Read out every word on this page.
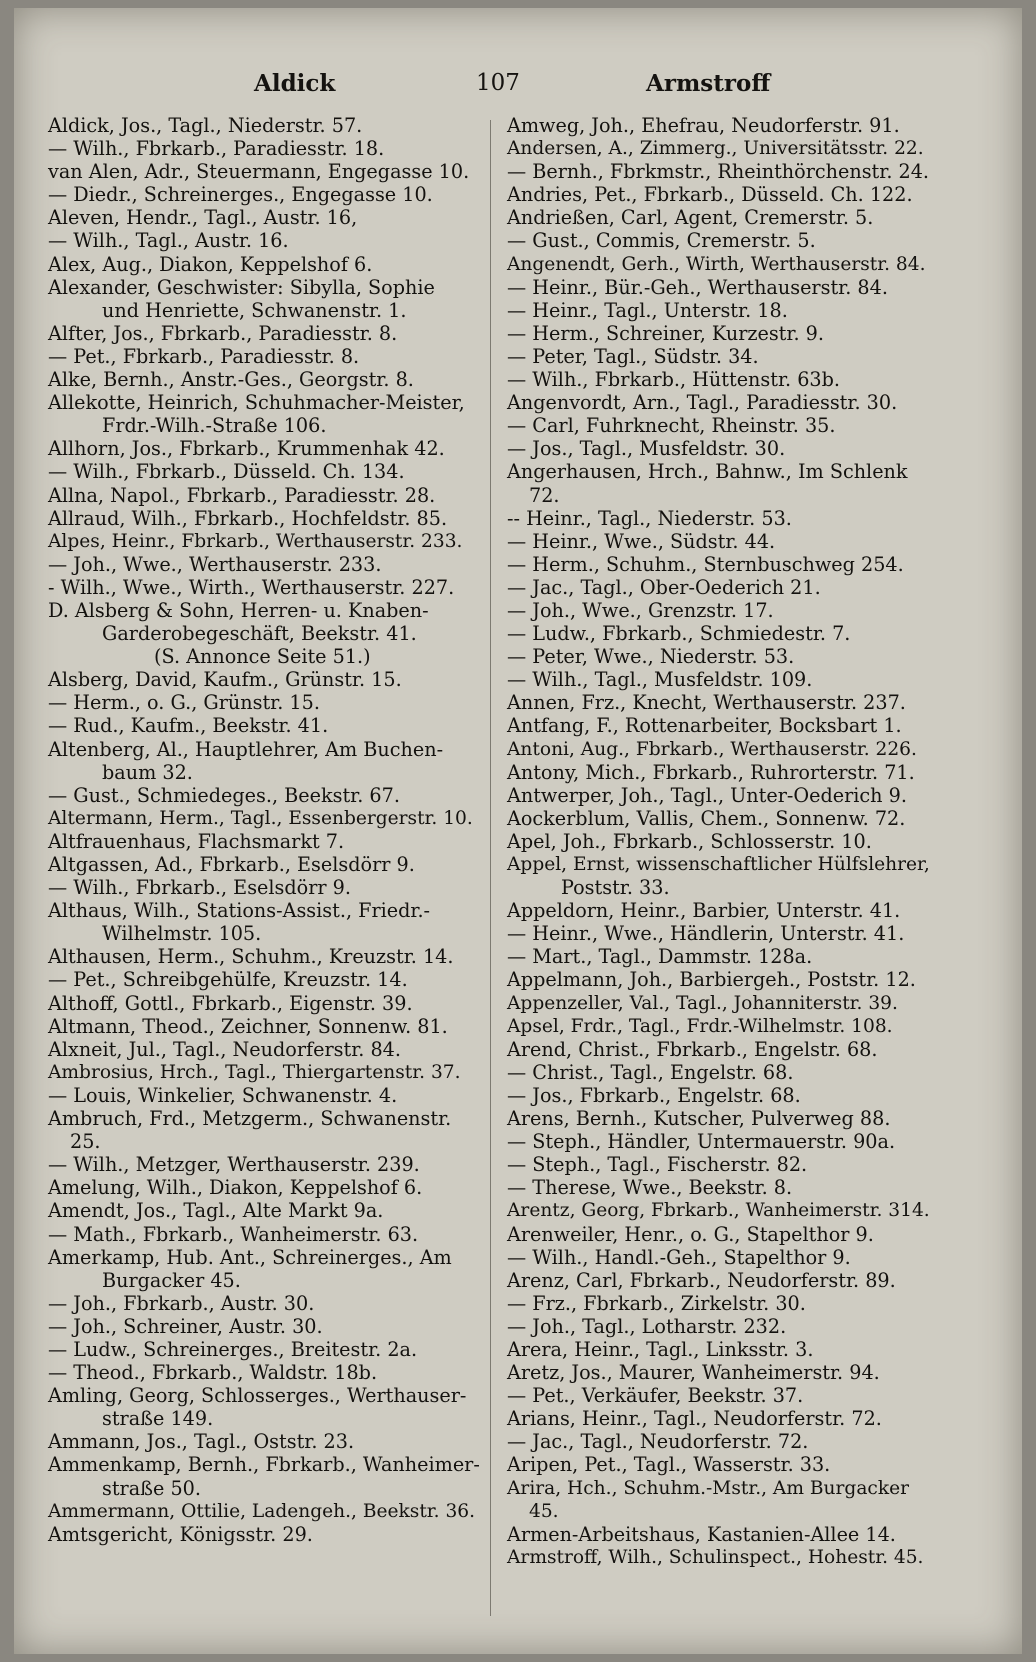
Aldick	107	Armstroff
Aldick, Jos., Tagl., Niederstr. 57.
— Wilh., Fbrkarb., Paradiesstr. 18.
van Alen, Adr., Steuermann, Engegasse 10.
— Diedr., Schreinerges., Engegasse 10.
Aleven, Hendr., Tagl., Austr. 16,
— Wilh., Tagl., Austr. 16.
Alex, Aug., Diakon, Keppelshof 6.
Alexander, Geschwister: Sibylla, Sophie
und Henriette, Schwanenstr. 1.
Alfter, Jos., Fbrkarb., Paradiesstr. 8.
— Pet., Fbrkarb., Paradiesstr. 8.
Alke, Bernh., Anstr.-Ges., Georgstr. 8.
Allekotte, Heinrich, Schuhmacher-Meister,
Frdr.-Wilh.-Straße 106.
Allhorn, Jos., Fbrkarb., Krummenhak 42.
— Wilh., Fbrkarb., Düsseld. Ch. 134.
Allna, Napol., Fbrkarb., Paradiesstr. 28.
Allraud, Wilh., Fbrkarb., Hochfeldstr. 85.
Alpes, Heinr., Fbrkarb., Werthauserstr. 233.
— Joh., Wwe., Werthauserstr. 233.
- Wilh., Wwe., Wirth., Werthauserstr. 227.
D. Alsberg & Sohn, Herren- u. Knaben-
Garderobegeschäft, Beekstr. 41.
(S. Annonce Seite 51.)
Alsberg, David, Kaufm., Grünstr. 15.
— Herm., o. G., Grünstr. 15.
— Rud., Kaufm., Beekstr. 41.
Altenberg, Al., Hauptlehrer, Am Buchen-
baum 32.
— Gust., Schmiedeges., Beekstr. 67.
Altermann, Herm., Tagl., Essenbergerstr. 10.
Altfrauenhaus, Flachsmarkt 7.
Altgassen, Ad., Fbrkarb., Eselsdörr 9.
— Wilh., Fbrkarb., Eselsdörr 9.
Althaus, Wilh., Stations-Assist., Friedr.-
Wilhelmstr. 105.
Althausen, Herm., Schuhm., Kreuzstr. 14.
— Pet., Schreibgehülfe, Kreuzstr. 14.
Althoff, Gottl., Fbrkarb., Eigenstr. 39.
Altmann, Theod., Zeichner, Sonnenw. 81.
Alxneit, Jul., Tagl., Neudorferstr. 84.
Ambrosius, Hrch., Tagl., Thiergartenstr. 37.
— Louis, Winkelier, Schwanenstr. 4.
Ambruch, Frd., Metzgerm., Schwanenstr. 25.
— Wilh., Metzger, Werthauserstr. 239.
Amelung, Wilh., Diakon, Keppelshof 6.
Amendt, Jos., Tagl., Alte Markt 9a.
— Math., Fbrkarb., Wanheimerstr. 63.
Amerkamp, Hub. Ant., Schreinerges., Am
Burgacker 45.
— Joh., Fbrkarb., Austr. 30.
— Joh., Schreiner, Austr. 30.
— Ludw., Schreinerges., Breitestr. 2a.
— Theod., Fbrkarb., Waldstr. 18b.
Amling, Georg, Schlosserges., Werthauser-
straße 149.
Ammann, Jos., Tagl., Oststr. 23.
Ammenkamp, Bernh., Fbrkarb., Wanheimer-
straße 50.
Ammermann, Ottilie, Ladengeh., Beekstr. 36.
Amtsgericht, Königsstr. 29.
Amweg, Joh., Ehefrau, Neudorferstr. 91.
Andersen, A., Zimmerg., Universitätsstr. 22.
— Bernh., Fbrkmstr., Rheinthörchenstr. 24.
Andries, Pet., Fbrkarb., Düsseld. Ch. 122.
Andrießen, Carl, Agent, Cremerstr. 5.
— Gust., Commis, Cremerstr. 5.
Angenendt, Gerh., Wirth, Werthauserstr. 84.
— Heinr., Bür.-Geh., Werthauserstr. 84.
— Heinr., Tagl., Unterstr. 18.
— Herm., Schreiner, Kurzestr. 9.
— Peter, Tagl., Südstr. 34.
— Wilh., Fbrkarb., Hüttenstr. 63b.
Angenvordt, Arn., Tagl., Paradiesstr. 30.
— Carl, Fuhrknecht, Rheinstr. 35.
— Jos., Tagl., Musfeldstr. 30.
Angerhausen, Hrch., Bahnw., Im Schlenk 72.
-- Heinr., Tagl., Niederstr. 53.
— Heinr., Wwe., Südstr. 44.
— Herm., Schuhm., Sternbuschweg 254.
— Jac., Tagl., Ober-Oederich 21.
— Joh., Wwe., Grenzstr. 17.
— Ludw., Fbrkarb., Schmiedestr. 7.
— Peter, Wwe., Niederstr. 53.
— Wilh., Tagl., Musfeldstr. 109.
Annen, Frz., Knecht, Werthauserstr. 237.
Antfang, F., Rottenarbeiter, Bocksbart 1.
Antoni, Aug., Fbrkarb., Werthauserstr. 226.
Antony, Mich., Fbrkarb., Ruhrorterstr. 71.
Antwerper, Joh., Tagl., Unter-Oederich 9.
Aockerblum, Vallis, Chem., Sonnenw. 72.
Apel, Joh., Fbrkarb., Schlosserstr. 10.
Appel, Ernst, wissenschaftlicher Hülfslehrer,
Poststr. 33.
Appeldorn, Heinr., Barbier, Unterstr. 41.
— Heinr., Wwe., Händlerin, Unterstr. 41.
— Mart., Tagl., Dammstr. 128a.
Appelmann, Joh., Barbiergeh., Poststr. 12.
Appenzeller, Val., Tagl., Johanniterstr. 39.
Apsel, Frdr., Tagl., Frdr.-Wilhelmstr. 108.
Arend, Christ., Fbrkarb., Engelstr. 68.
— Christ., Tagl., Engelstr. 68.
— Jos., Fbrkarb., Engelstr. 68.
Arens, Bernh., Kutscher, Pulverweg 88.
— Steph., Händler, Untermauerstr. 90a.
— Steph., Tagl., Fischerstr. 82.
— Therese, Wwe., Beekstr. 8.
Arentz, Georg, Fbrkarb., Wanheimerstr. 314.
Arenweiler, Henr., o. G., Stapelthor 9.
— Wilh., Handl.-Geh., Stapelthor 9.
Arenz, Carl, Fbrkarb., Neudorferstr. 89.
— Frz., Fbrkarb., Zirkelstr. 30.
— Joh., Tagl., Lotharstr. 232.
Arera, Heinr., Tagl., Linksstr. 3.
Aretz, Jos., Maurer, Wanheimerstr. 94.
— Pet., Verkäufer, Beekstr. 37.
Arians, Heinr., Tagl., Neudorferstr. 72.
— Jac., Tagl., Neudorferstr. 72.
Aripen, Pet., Tagl., Wasserstr. 33.
Arira, Hch., Schuhm.-Mstr., Am Burgacker 45.
Armen-Arbeitshaus, Kastanien-Allee 14.
Armstroff, Wilh., Schulinspect., Hohestr. 45.
